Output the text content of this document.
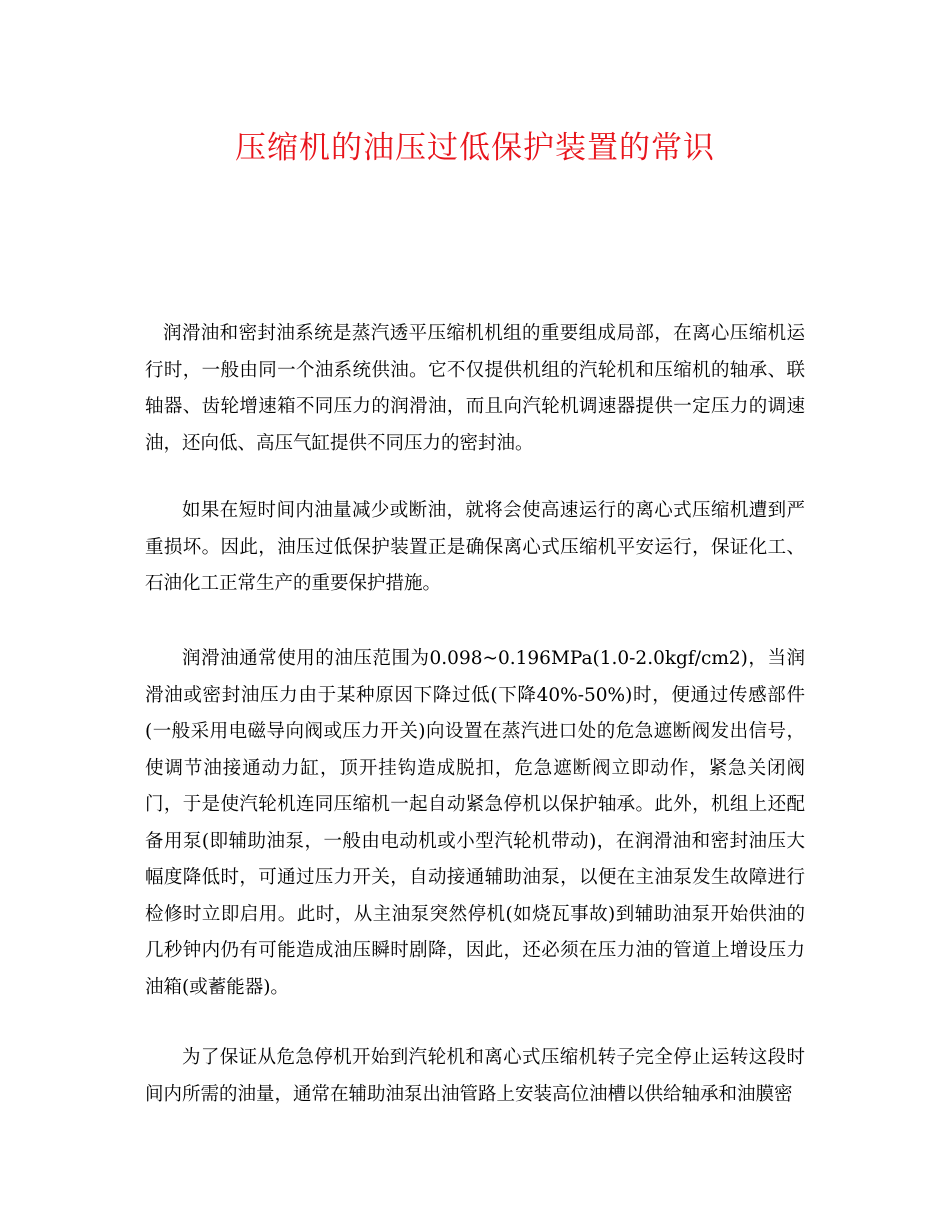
压缩机的油压过低保护装置的常识

润滑油和密封油系统是蒸汽透平压缩机机组的重要组成局部，在离心压缩机运行时，一般由同一个油系统供油。它不仅提供机组的汽轮机和压缩机的轴承、联轴器、齿轮增速箱不同压力的润滑油，而且向汽轮机调速器提供一定压力的调速油，还向低、高压气缸提供不同压力的密封油。

如果在短时间内油量减少或断油，就将会使高速运行的离心式压缩机遭到严重损坏。因此，油压过低保护装置正是确保离心式压缩机平安运行，保证化工、石油化工正常生产的重要保护措施。

润滑油通常使用的油压范围为0.098~0.196MPa(1.0-2.0kgf/cm2)，当润滑油或密封油压力由于某种原因下降过低(下降40%-50%)时，便通过传感部件(一般采用电磁导向阀或压力开关)向设置在蒸汽进口处的危急遮断阀发出信号，使调节油接通动力缸，顶开挂钩造成脱扣，危急遮断阀立即动作，紧急关闭阀门，于是使汽轮机连同压缩机一起自动紧急停机以保护轴承。此外，机组上还配备用泵(即辅助油泵，一般由电动机或小型汽轮机带动)，在润滑油和密封油压大幅度降低时，可通过压力开关，自动接通辅助油泵，以便在主油泵发生故障进行检修时立即启用。此时，从主油泵突然停机(如烧瓦事故)到辅助油泵开始供油的几秒钟内仍有可能造成油压瞬时剧降，因此，还必须在压力油的管道上增设压力油箱(或蓄能器)。

为了保证从危急停机开始到汽轮机和离心式压缩机转子完全停止运转这段时间内所需的油量，通常在辅助油泵出油管路上安装高位油槽以供给轴承和油膜密
